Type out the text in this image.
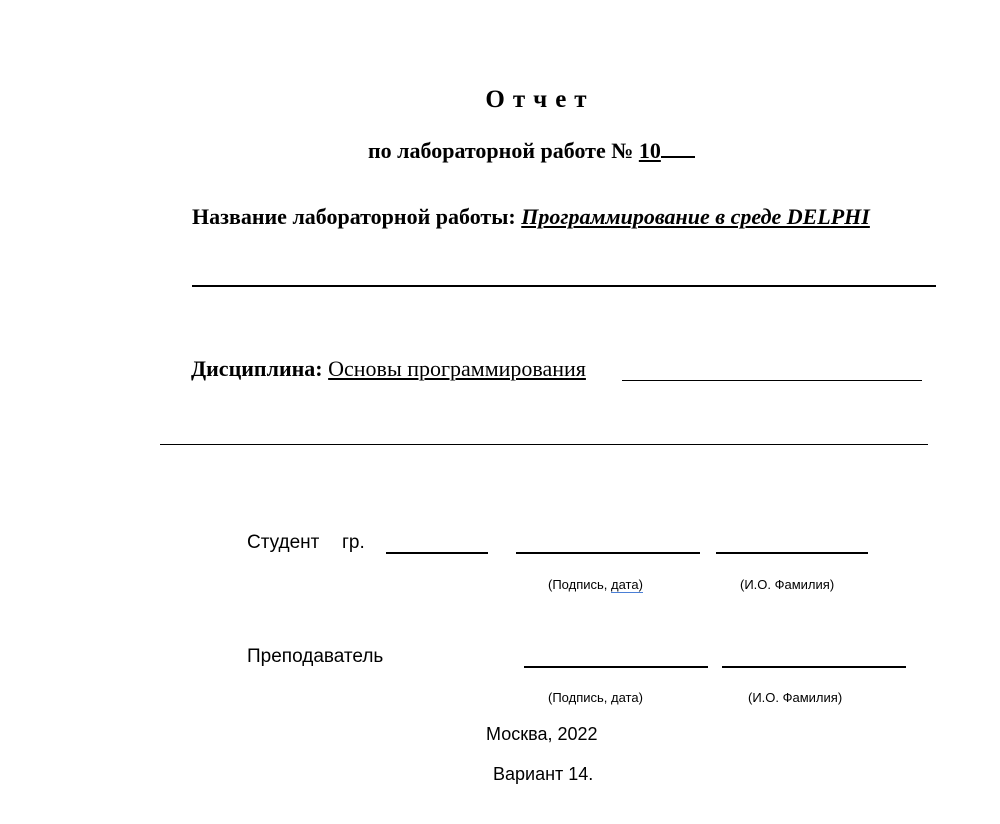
Отчет
по лабораторной работе № 10
Название лабораторной работы: Программирование в среде DELPHI
Дисциплина: Основы программирования
Студент гр.
(Подпись, дата)	(И.О. Фамилия)
Преподаватель
(Подпись, дата)	(И.О. Фамилия)
Москва, 2022
Вариант 14.
